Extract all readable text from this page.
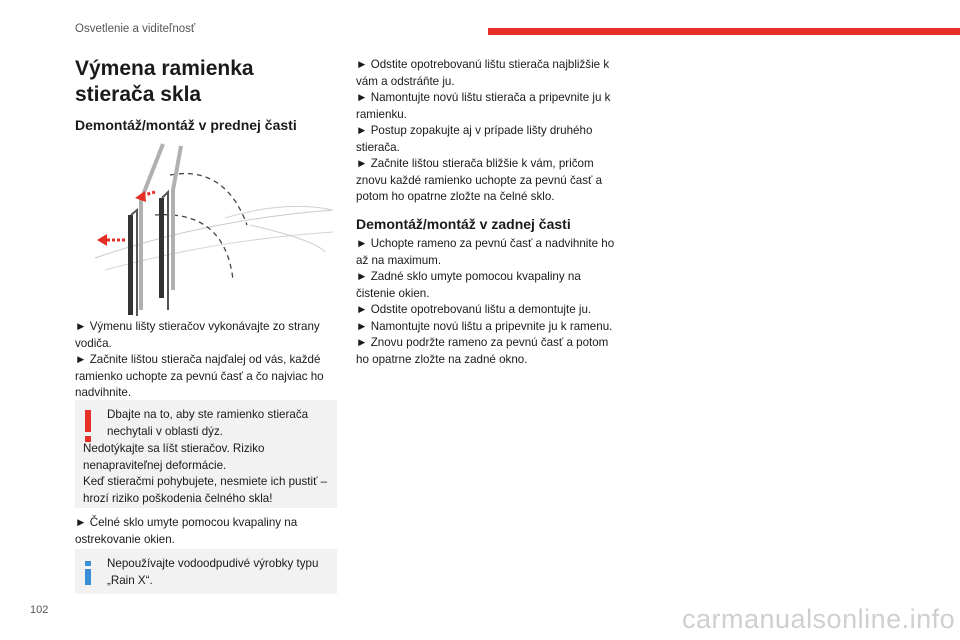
Osvetlenie a viditeľnosť
Výmena ramienka stierača skla
Demontáž/montáž v prednej časti
► Výmenu lišty stieračov vykonávajte zo strany vodiča.
► Začnite lištou stierača najďalej od vás, každé ramienko uchopte za pevnú časť a čo najviac ho nadvihnite.
Dbajte na to, aby ste ramienko stierača nechytali v oblasti dýz.
Nedotýkajte sa líšt stieračov. Riziko nenapraviteľnej deformácie.
Keď stieračmi pohybujete, nesmiete ich pustiť – hrozí riziko poškodenia čelného skla!
► Čelné sklo umyte pomocou kvapaliny na ostrekovanie okien.
Nepoužívajte vodoodpudivé výrobky typu „Rain X“.
► Odstite opotrebovanú lištu stierača najbližšie k vám a odstráňte ju.
► Namontujte novú lištu stierača a pripevnite ju k ramienku.
► Postup zopakujte aj v prípade lišty druhého stierača.
► Začnite lištou stierača bližšie k vám, pričom znovu každé ramienko uchopte za pevnú časť a potom ho opatrne zložte na čelné sklo.
Demontáž/montáž v zadnej časti
► Uchopte rameno za pevnú časť a nadvihnite ho až na maximum.
► Zadné sklo umyte pomocou kvapaliny na čistenie okien.
► Odstite opotrebovanú lištu a demontujte ju.
► Namontujte novú lištu a pripevnite ju k ramenu.
► Znovu podržte rameno za pevnú časť a potom ho opatrne zložte na zadné okno.
102	carmanualsonline.info
